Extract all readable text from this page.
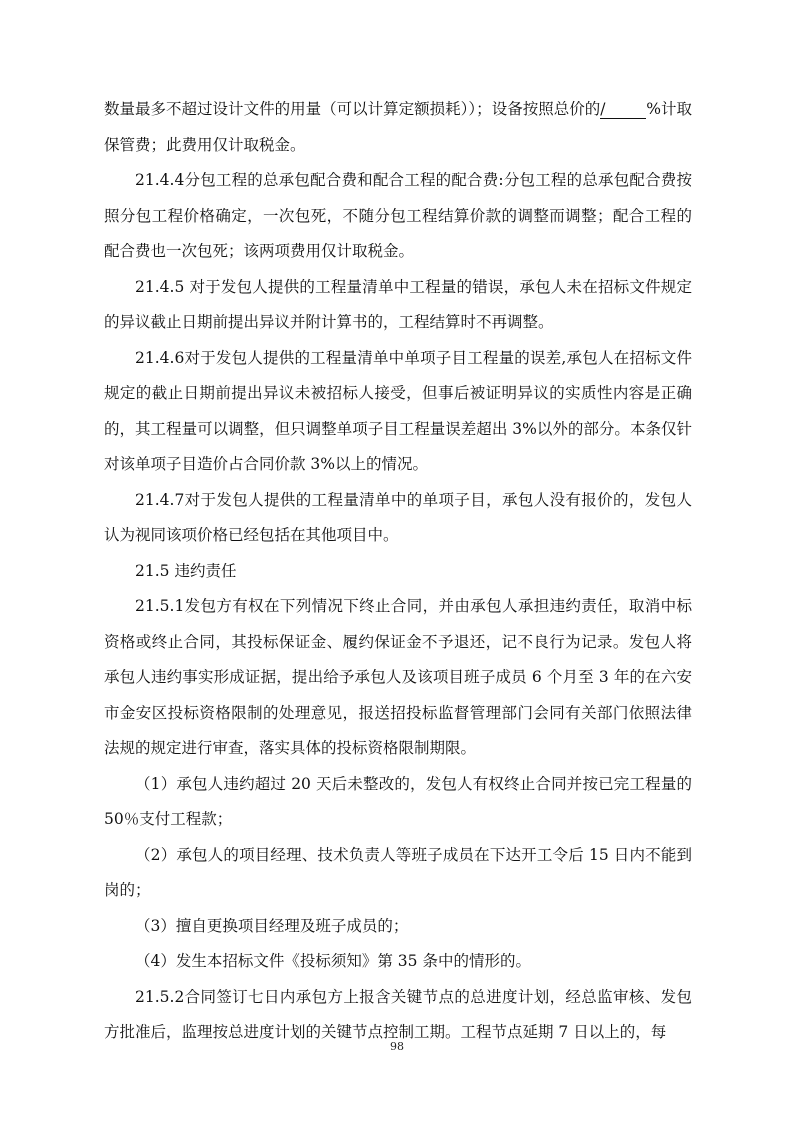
数量最多不超过设计文件的用量（可以计算定额损耗））；设备按照总价的/	%计取保管费；此费用仅计取税金。

21.4.4分包工程的总承包配合费和配合工程的配合费:分包工程的总承包配合费按照分包工程价格确定，一次包死，不随分包工程结算价款的调整而调整；配合工程的配合费也一次包死；该两项费用仅计取税金。

21.4.5 对于发包人提供的工程量清单中工程量的错误，承包人未在招标文件规定的异议截止日期前提出异议并附计算书的，工程结算时不再调整。

21.4.6对于发包人提供的工程量清单中单项子目工程量的误差,承包人在招标文件规定的截止日期前提出异议未被招标人接受，但事后被证明异议的实质性内容是正确的，其工程量可以调整，但只调整单项子目工程量误差超出 3%以外的部分。本条仅针对该单项子目造价占合同价款 3%以上的情况。

21.4.7对于发包人提供的工程量清单中的单项子目，承包人没有报价的，发包人认为视同该项价格已经包括在其他项目中。

21.5 违约责任

21.5.1发包方有权在下列情况下终止合同，并由承包人承担违约责任，取消中标资格或终止合同，其投标保证金、履约保证金不予退还，记不良行为记录。发包人将承包人违约事实形成证据，提出给予承包人及该项目班子成员 6 个月至 3 年的在六安市金安区投标资格限制的处理意见，报送招投标监督管理部门会同有关部门依照法律法规的规定进行审查，落实具体的投标资格限制期限。

（1）承包人违约超过 20 天后未整改的，发包人有权终止合同并按已完工程量的50％支付工程款；

（2）承包人的项目经理、技术负责人等班子成员在下达开工令后 15 日内不能到岗的；

（3）擅自更换项目经理及班子成员的；

（4）发生本招标文件《投标须知》第 35 条中的情形的。

21.5.2合同签订七日内承包方上报含关键节点的总进度计划，经总监审核、发包方批准后，监理按总进度计划的关键节点控制工期。工程节点延期 7 日以上的，每

98
